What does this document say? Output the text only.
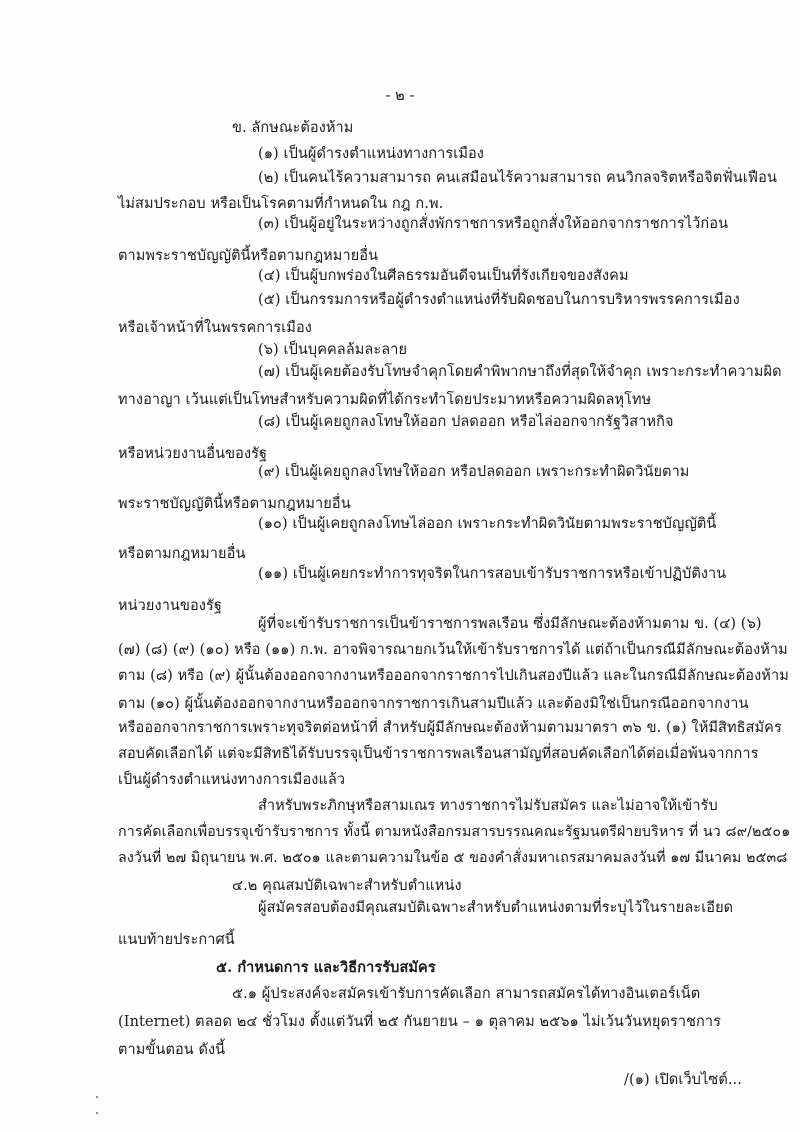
- ๒ -
ข. ลักษณะต้องห้าม
(๑) เป็นผู้ดำรงตำแหน่งทางการเมือง
(๒) เป็นคนไร้ความสามารถ คนเสมือนไร้ความสามารถ คนวิกลจริตหรือจิตฟั่นเฟือน
ไม่สมประกอบ หรือเป็นโรคตามที่กำหนดใน กฎ ก.พ.
(๓) เป็นผู้อยู่ในระหว่างถูกสั่งพักราชการหรือถูกสั่งให้ออกจากราชการไว้ก่อน
ตามพระราชบัญญัตินี้หรือตามกฎหมายอื่น
(๔) เป็นผู้บกพร่องในศีลธรรมอันดีจนเป็นที่รังเกียจของสังคม
(๕) เป็นกรรมการหรือผู้ดำรงตำแหน่งที่รับผิดชอบในการบริหารพรรคการเมือง
หรือเจ้าหน้าที่ในพรรคการเมือง
(๖) เป็นบุคคลล้มละลาย
(๗) เป็นผู้เคยต้องรับโทษจำคุกโดยคำพิพากษาถึงที่สุดให้จำคุก เพราะกระทำความผิด
ทางอาญา เว้นแต่เป็นโทษสำหรับความผิดที่ได้กระทำโดยประมาทหรือความผิดลหุโทษ
(๘) เป็นผู้เคยถูกลงโทษให้ออก ปลดออก หรือไล่ออกจากรัฐวิสาหกิจ
หรือหน่วยงานอื่นของรัฐ
(๙) เป็นผู้เคยถูกลงโทษให้ออก หรือปลดออก เพราะกระทำผิดวินัยตาม
พระราชบัญญัตินี้หรือตามกฎหมายอื่น
(๑๐) เป็นผู้เคยถูกลงโทษไล่ออก เพราะกระทำผิดวินัยตามพระราชบัญญัตินี้
หรือตามกฎหมายอื่น
(๑๑) เป็นผู้เคยกระทำการทุจริตในการสอบเข้ารับราชการหรือเข้าปฏิบัติงาน
หน่วยงานของรัฐ
ผู้ที่จะเข้ารับราชการเป็นข้าราชการพลเรือน ซึ่งมีลักษณะต้องห้ามตาม ข. (๔) (๖)
(๗) (๘) (๙) (๑๐) หรือ (๑๑) ก.พ. อาจพิจารณายกเว้นให้เข้ารับราชการได้ แต่ถ้าเป็นกรณีมีลักษณะต้องห้าม
ตาม (๘) หรือ (๙) ผู้นั้นต้องออกจากงานหรือออกจากราชการไปเกินสองปีแล้ว และในกรณีมีลักษณะต้องห้าม
ตาม (๑๐) ผู้นั้นต้องออกจากงานหรือออกจากราชการเกินสามปีแล้ว และต้องมิใช่เป็นกรณีออกจากงาน
หรือออกจากราชการเพราะทุจริตต่อหน้าที่ สำหรับผู้มีลักษณะต้องห้ามตามมาตรา ๓๖ ข. (๑) ให้มีสิทธิสมัคร
สอบคัดเลือกได้ แต่จะมีสิทธิได้รับบรรจุเป็นข้าราชการพลเรือนสามัญที่สอบคัดเลือกได้ต่อเมื่อพ้นจากการ
เป็นผู้ดำรงตำแหน่งทางการเมืองแล้ว
สำหรับพระภิกษุหรือสามเณร ทางราชการไม่รับสมัคร และไม่อาจให้เข้ารับ
การคัดเลือกเพื่อบรรจุเข้ารับราชการ ทั้งนี้ ตามหนังสือกรมสารบรรณคณะรัฐมนตรีฝ่ายบริหาร ที่ นว ๘๙/๒๕๐๑
ลงวันที่ ๒๗ มิถุนายน พ.ศ. ๒๕๐๑ และตามความในข้อ ๕ ของคำสั่งมหาเถรสมาคมลงวันที่ ๑๗ มีนาคม ๒๕๓๘
๔.๒ คุณสมบัติเฉพาะสำหรับตำแหน่ง
ผู้สมัครสอบต้องมีคุณสมบัติเฉพาะสำหรับตำแหน่งตามที่ระบุไว้ในรายละเอียด
แนบท้ายประกาศนี้
๕. กำหนดการ และวิธีการรับสมัคร
๕.๑ ผู้ประสงค์จะสมัครเข้ารับการคัดเลือก สามารถสมัครได้ทางอินเตอร์เน็ต
(Internet) ตลอด ๒๔ ชั่วโมง ตั้งแต่วันที่ ๒๕ กันยายน – ๑ ตุลาคม ๒๕๖๑ ไม่เว้นวันหยุดราชการ
ตามขั้นตอน ดังนี้
/(๑) เปิดเว็บไซต์...
